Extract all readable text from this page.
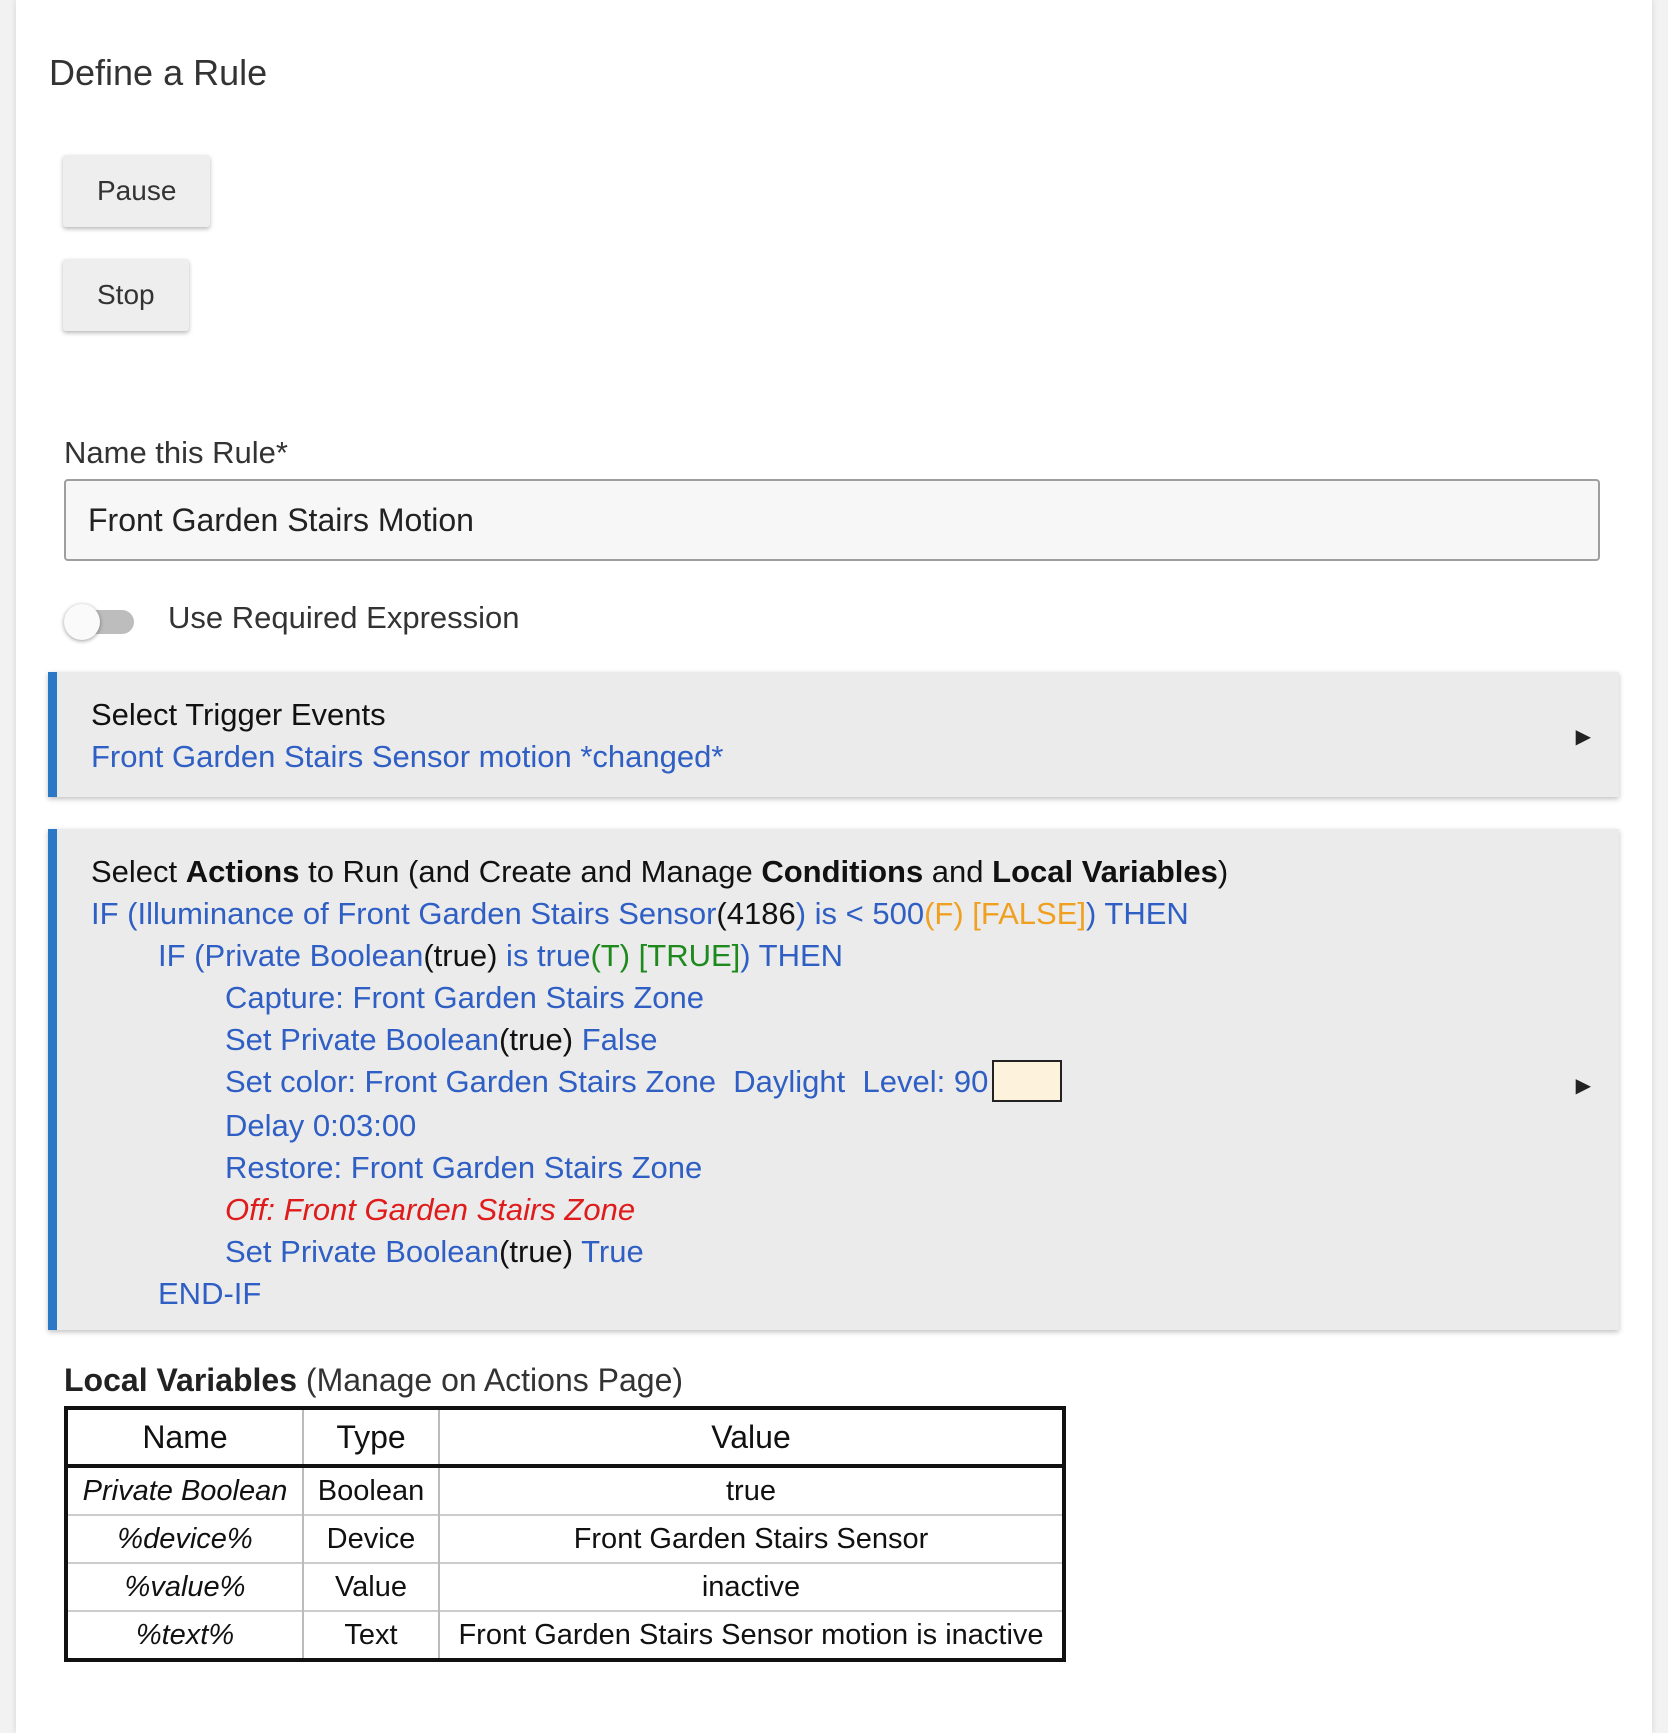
Define a Rule
Pause
Stop
Name this Rule*
Front Garden Stairs Motion
Use Required Expression
Select Trigger Events
Front Garden Stairs Sensor motion *changed*
▶
Select Actions to Run (and Create and Manage Conditions and Local Variables)
IF (Illuminance of Front Garden Stairs Sensor(4186) is < 500(F) [FALSE]) THEN
IF (Private Boolean(true) is true(T) [TRUE]) THEN
Capture: Front Garden Stairs Zone
Set Private Boolean(true) False
Set color: Front Garden Stairs Zone  Daylight  Level: 90
Delay 0:03:00
Restore: Front Garden Stairs Zone
Off: Front Garden Stairs Zone
Set Private Boolean(true) True
END-IF
▶
Local Variables (Manage on Actions Page)
Name	Type	Value
Private Boolean	Boolean	true
%device%	Device	Front Garden Stairs Sensor
%value%	Value	inactive
%text%	Text	Front Garden Stairs Sensor motion is inactive
